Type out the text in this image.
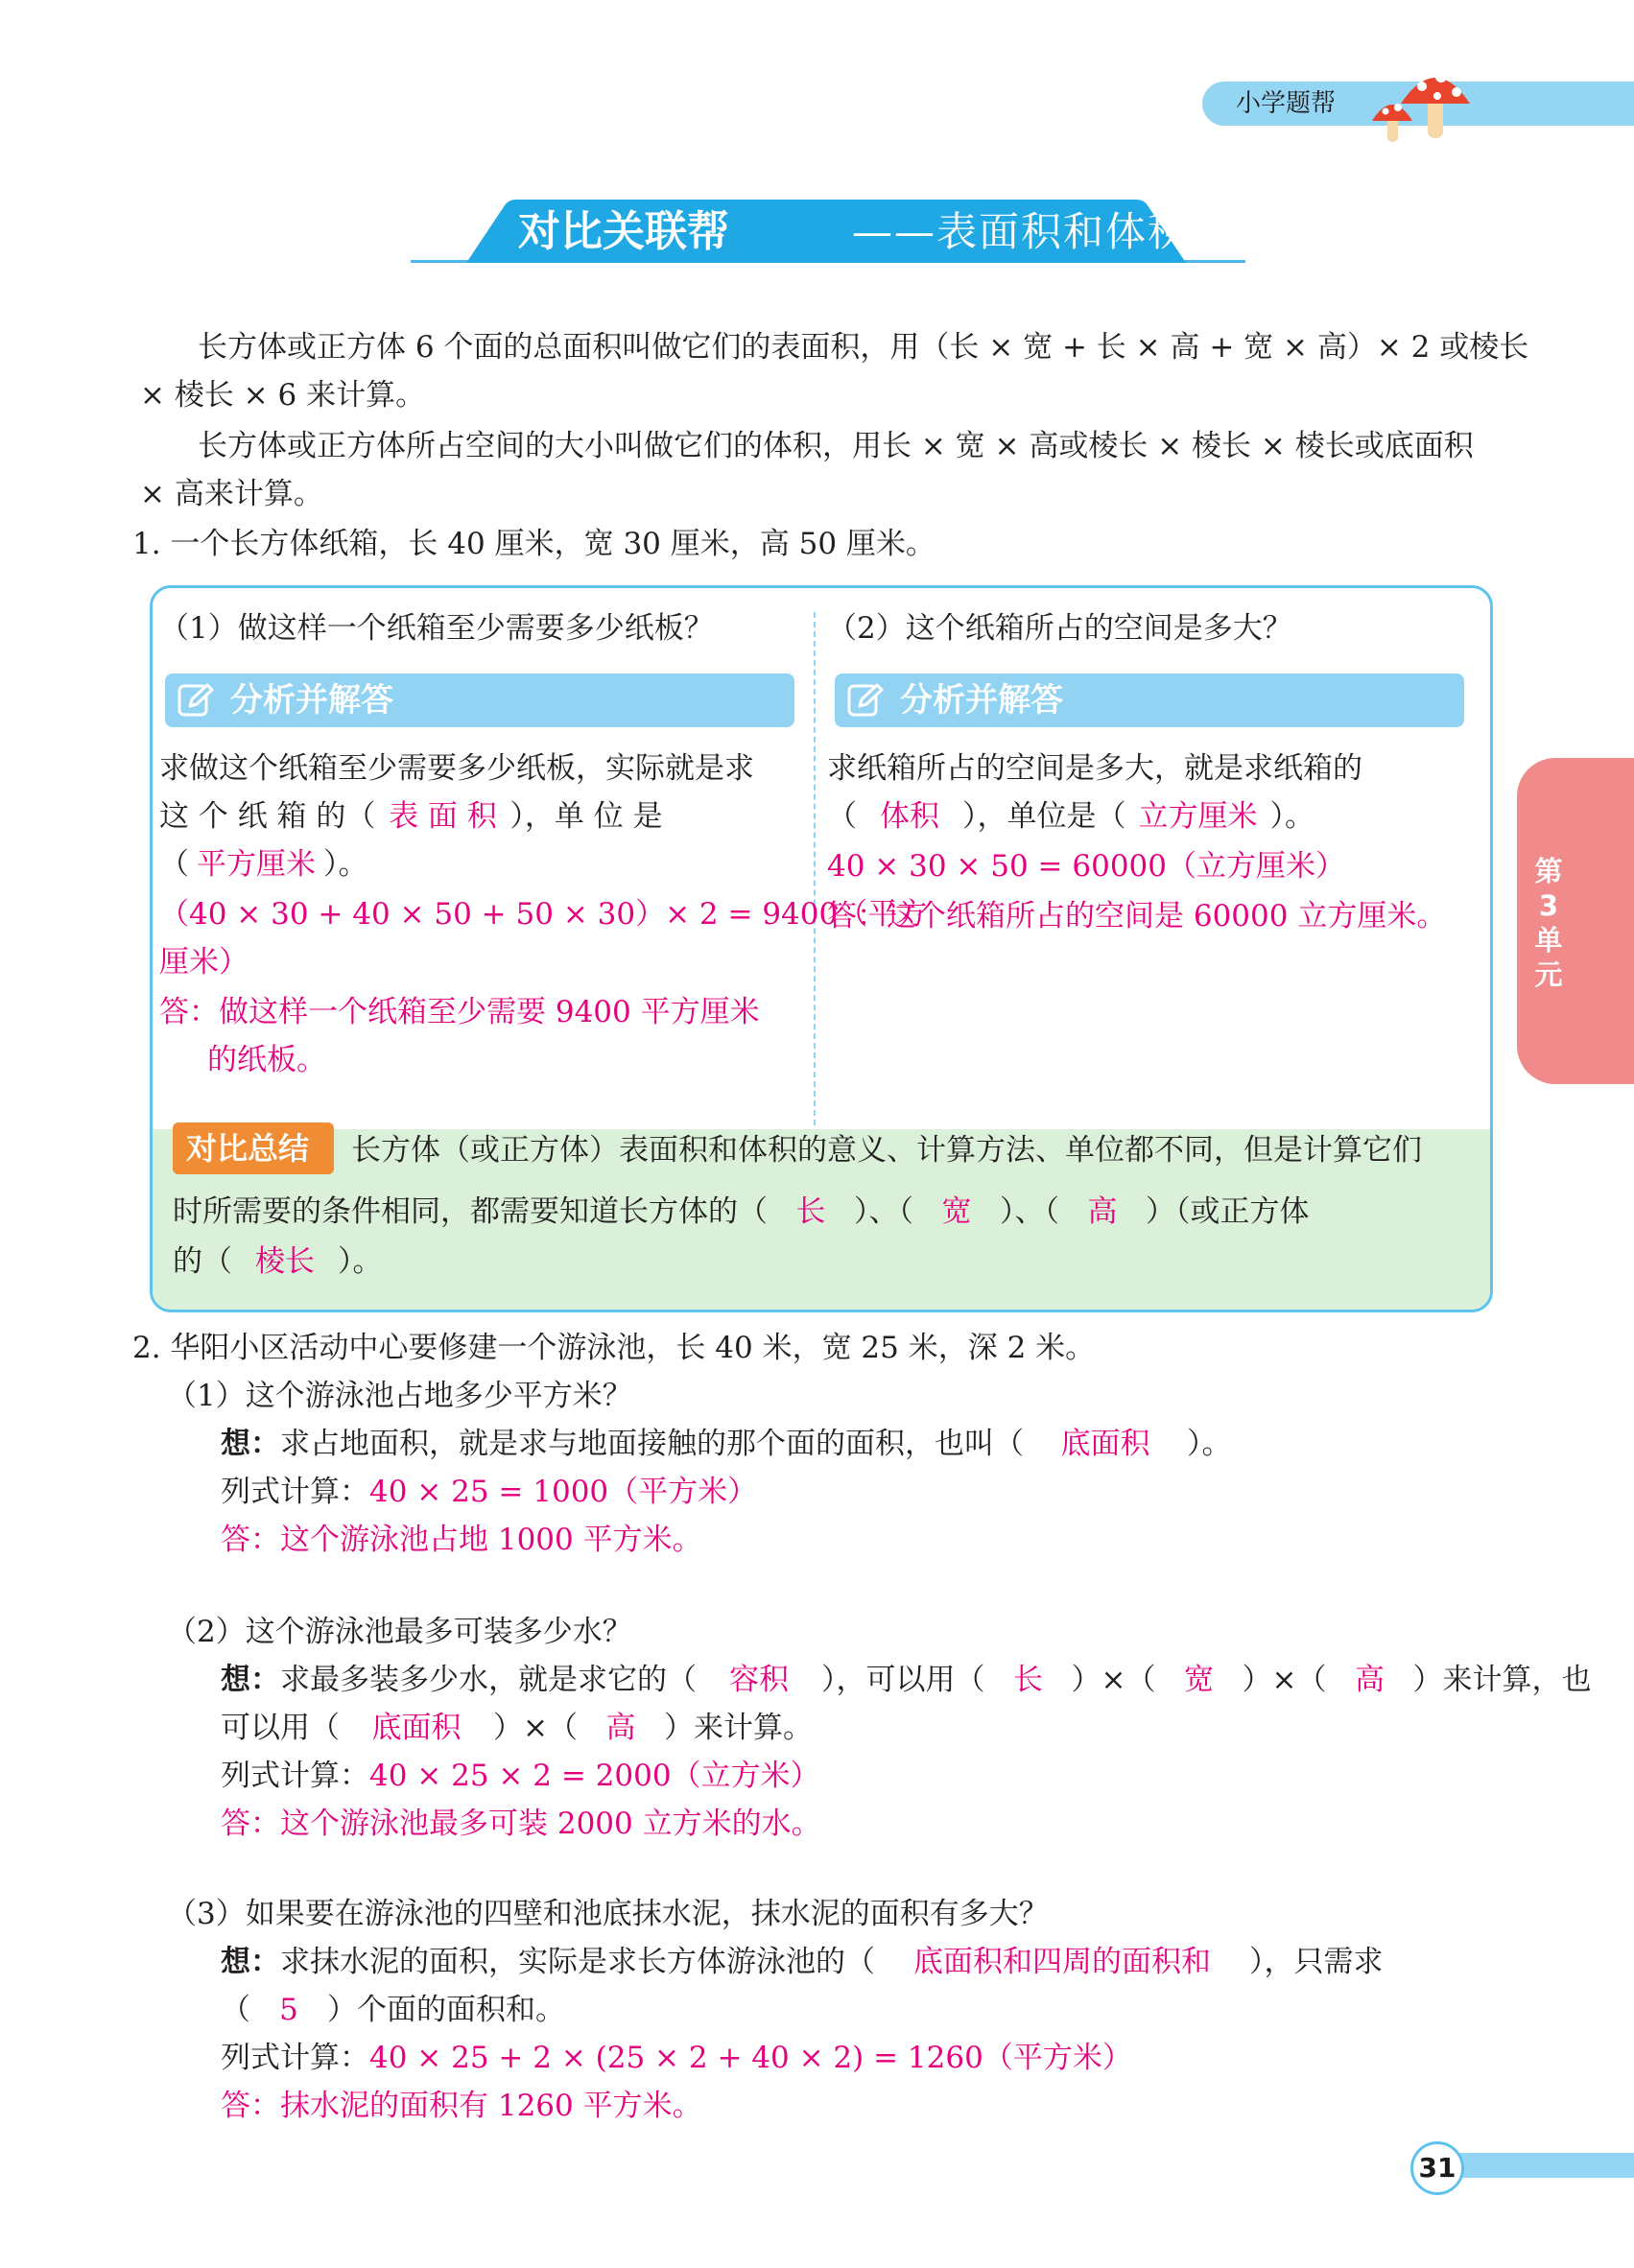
小学题帮
对比关联帮	——表面积和体积
长方体或正方体 6 个面的总面积叫做它们的表面积，用（长 × 宽 + 长 × 高 + 宽 × 高）× 2 或棱长
× 棱长 × 6 来计算。
长方体或正方体所占空间的大小叫做它们的体积，用长 × 宽 × 高或棱长 × 棱长 × 棱长或底面积
× 高来计算。
1. 一个长方体纸箱，长 40 厘米，宽 30 厘米，高 50 厘米。
（1）做这样一个纸箱至少需要多少纸板？
分析并解答
求做这个纸箱至少需要多少纸板，实际就是求
这 个 纸 箱 的（ 表 面 积 ），单 位 是
（ 平方厘米 ）。
（40 × 30 + 40 × 50 + 50 × 30）× 2 = 9400（平方
厘米）
答：做这样一个纸箱至少需要 9400 平方厘米
的纸板。
（2）这个纸箱所占的空间是多大？
分析并解答
求纸箱所占的空间是多大，就是求纸箱的
（ 体积 ），单位是（ 立方厘米 ）。
40 × 30 × 50 = 60000（立方厘米）
答：这个纸箱所占的空间是 60000 立方厘米。
对比总结 长方体（或正方体）表面积和体积的意义、计算方法、单位都不同，但是计算它们
时所需要的条件相同，都需要知道长方体的（ 长 ）、（ 宽 ）、（ 高 ）（或正方体
的（ 棱长 ）。
2. 华阳小区活动中心要修建一个游泳池，长 40 米，宽 25 米，深 2 米。
（1）这个游泳池占地多少平方米？
想：求占地面积，就是求与地面接触的那个面的面积，也叫（ 底面积 ）。
列式计算：40 × 25 = 1000（平方米）
答：这个游泳池占地 1000 平方米。
（2）这个游泳池最多可装多少水？
想：求最多装多少水，就是求它的（ 容积 ），可以用（ 长 ）×（ 宽 ）×（ 高 ）来计算，也
可以用（ 底面积 ）×（ 高 ）来计算。
列式计算：40 × 25 × 2 = 2000（立方米）
答：这个游泳池最多可装 2000 立方米的水。
（3）如果要在游泳池的四壁和池底抹水泥，抹水泥的面积有多大？
想：求抹水泥的面积，实际是求长方体游泳池的（ 底面积和四周的面积和 ），只需求
（ 5 ）个面的面积和。
列式计算：40 × 25 + 2 × (25 × 2 + 40 × 2) = 1260（平方米）
答：抹水泥的面积有 1260 平方米。
第
3
单
元
31
